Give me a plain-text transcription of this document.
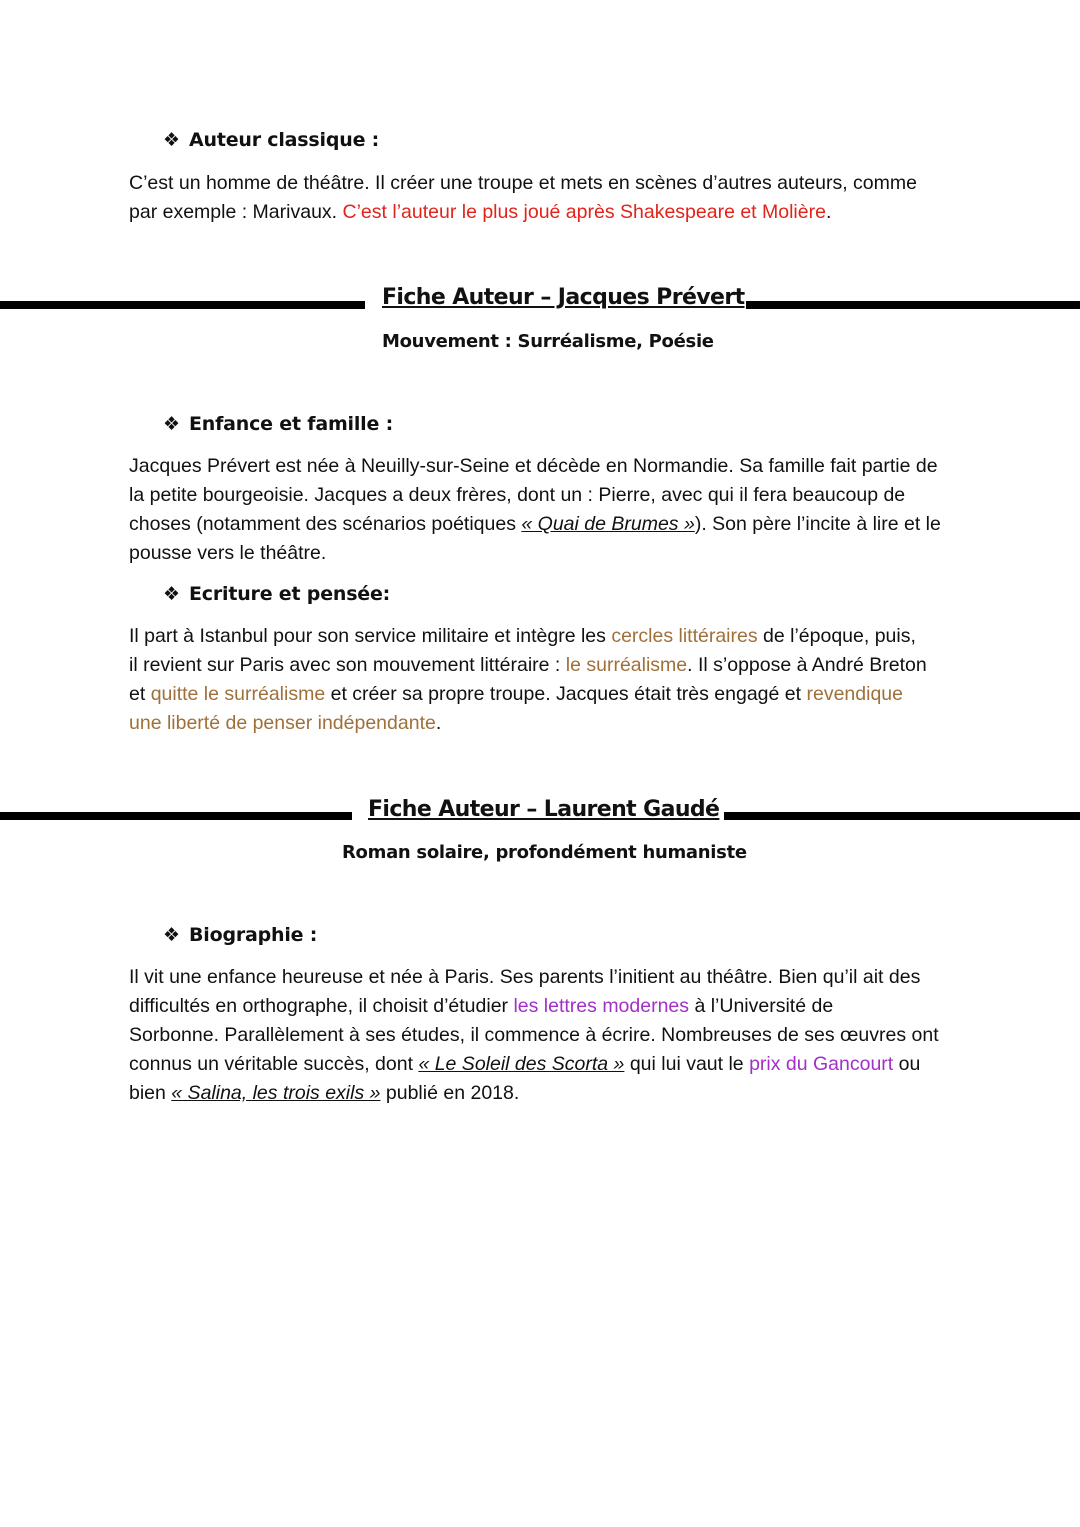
❖ Auteur classique :
C’est un homme de théâtre. Il créer une troupe et mets en scènes d’autres auteurs, comme
par exemple : Marivaux. C’est l’auteur le plus joué après Shakespeare et Molière.
Fiche Auteur – Jacques Prévert
Mouvement : Surréalisme, Poésie
❖ Enfance et famille :
Jacques Prévert est née à Neuilly-sur-Seine et décède en Normandie. Sa famille fait partie de
la petite bourgeoisie. Jacques a deux frères, dont un : Pierre, avec qui il fera beaucoup de
choses (notamment des scénarios poétiques « Quai de Brumes »). Son père l’incite à lire et le
pousse vers le théâtre.
❖ Ecriture et pensée:
Il part à Istanbul pour son service militaire et intègre les cercles littéraires de l’époque, puis,
il revient sur Paris avec son mouvement littéraire : le surréalisme. Il s’oppose à André Breton
et quitte le surréalisme et créer sa propre troupe. Jacques était très engagé et revendique
une liberté de penser indépendante.
Fiche Auteur – Laurent Gaudé
Roman solaire, profondément humaniste
❖ Biographie :
Il vit une enfance heureuse et née à Paris. Ses parents l’initient au théâtre. Bien qu’il ait des
difficultés en orthographe, il choisit d’étudier les lettres modernes à l’Université de
Sorbonne. Parallèlement à ses études, il commence à écrire. Nombreuses de ses œuvres ont
connus un véritable succès, dont « Le Soleil des Scorta » qui lui vaut le prix du Gancourt ou
bien « Salina, les trois exils » publié en 2018.
